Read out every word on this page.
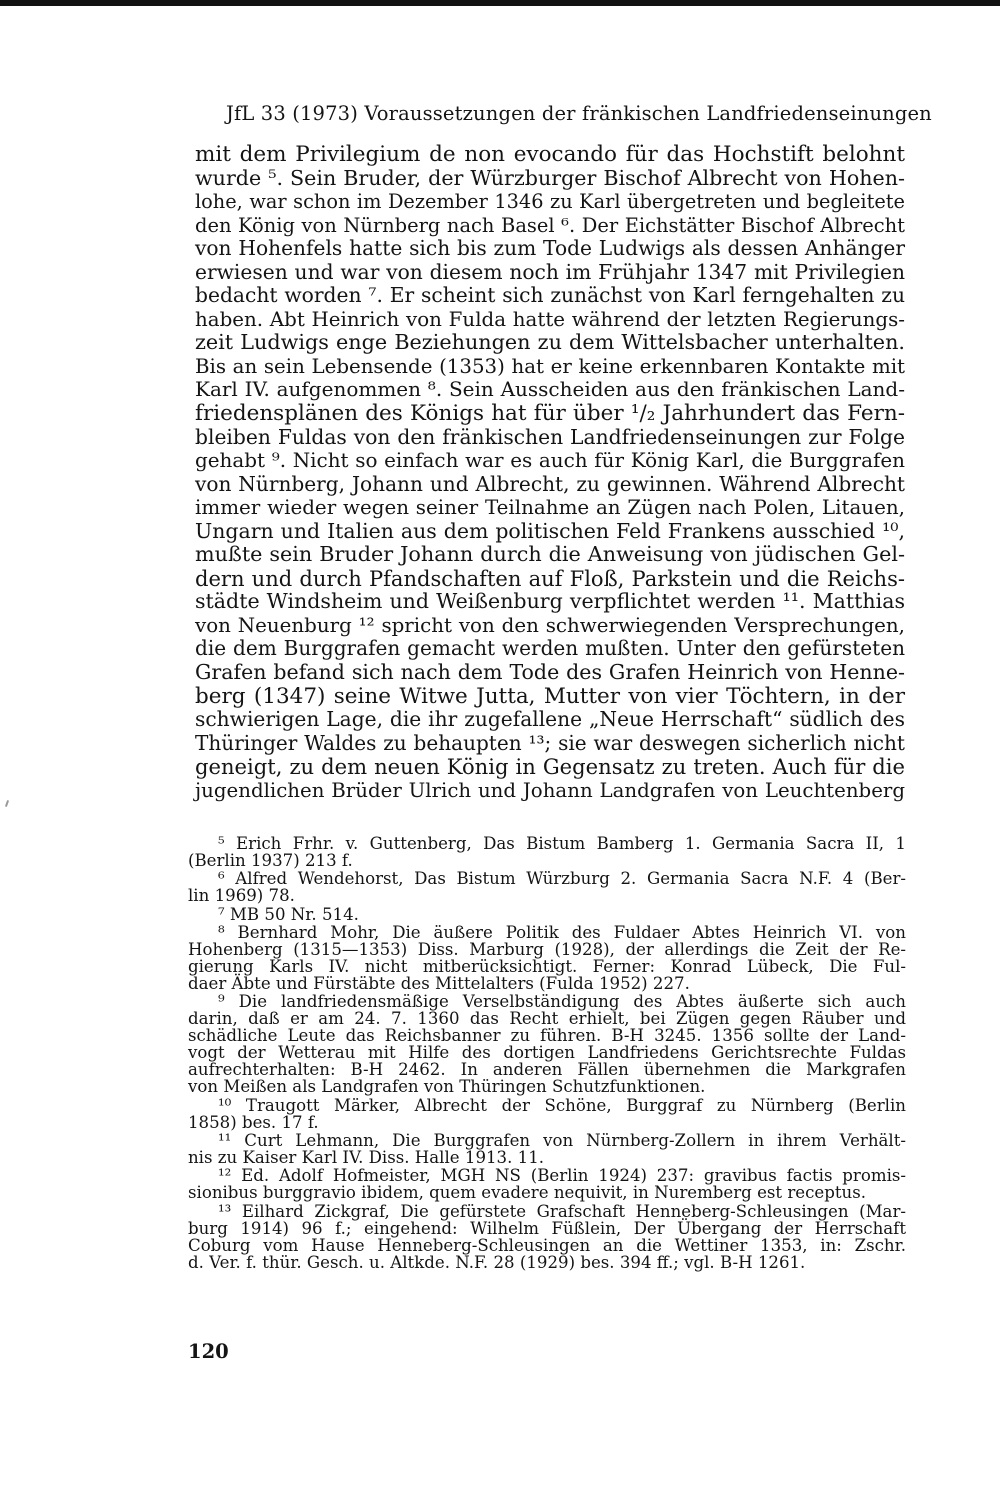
JfL 33 (1973) Voraussetzungen der fränkischen Landfriedenseinungen
mit dem Privilegium de non evocando für das Hochstift belohnt
wurde ⁵. Sein Bruder, der Würzburger Bischof Albrecht von Hohen-
lohe, war schon im Dezember 1346 zu Karl übergetreten und begleitete
den König von Nürnberg nach Basel ⁶. Der Eichstätter Bischof Albrecht
von Hohenfels hatte sich bis zum Tode Ludwigs als dessen Anhänger
erwiesen und war von diesem noch im Frühjahr 1347 mit Privilegien
bedacht worden ⁷. Er scheint sich zunächst von Karl ferngehalten zu
haben. Abt Heinrich von Fulda hatte während der letzten Regierungs-
zeit Ludwigs enge Beziehungen zu dem Wittelsbacher unterhalten.
Bis an sein Lebensende (1353) hat er keine erkennbaren Kontakte mit
Karl IV. aufgenommen ⁸. Sein Ausscheiden aus den fränkischen Land-
friedensplänen des Königs hat für über ¹/₂ Jahrhundert das Fern-
bleiben Fuldas von den fränkischen Landfriedenseinungen zur Folge
gehabt ⁹. Nicht so einfach war es auch für König Karl, die Burggrafen
von Nürnberg, Johann und Albrecht, zu gewinnen. Während Albrecht
immer wieder wegen seiner Teilnahme an Zügen nach Polen, Litauen,
Ungarn und Italien aus dem politischen Feld Frankens ausschied ¹⁰,
mußte sein Bruder Johann durch die Anweisung von jüdischen Gel-
dern und durch Pfandschaften auf Floß, Parkstein und die Reichs-
städte Windsheim und Weißenburg verpflichtet werden ¹¹. Matthias
von Neuenburg ¹² spricht von den schwerwiegenden Versprechungen,
die dem Burggrafen gemacht werden mußten. Unter den gefürsteten
Grafen befand sich nach dem Tode des Grafen Heinrich von Henne-
berg (1347) seine Witwe Jutta, Mutter von vier Töchtern, in der
schwierigen Lage, die ihr zugefallene „Neue Herrschaft“ südlich des
Thüringer Waldes zu behaupten ¹³; sie war deswegen sicherlich nicht
geneigt, zu dem neuen König in Gegensatz zu treten. Auch für die
jugendlichen Brüder Ulrich und Johann Landgrafen von Leuchtenberg
⁵ Erich Frhr. v. Guttenberg, Das Bistum Bamberg 1. Germania Sacra II, 1
(Berlin 1937) 213 f.
⁶ Alfred Wendehorst, Das Bistum Würzburg 2. Germania Sacra N.F. 4 (Ber-
lin 1969) 78.
⁷ MB 50 Nr. 514.
⁸ Bernhard Mohr, Die äußere Politik des Fuldaer Abtes Heinrich VI. von
Hohenberg (1315—1353) Diss. Marburg (1928), der allerdings die Zeit der Re-
gierung Karls IV. nicht mitberücksichtigt. Ferner: Konrad Lübeck, Die Ful-
daer Äbte und Fürstäbte des Mittelalters (Fulda 1952) 227.
⁹ Die landfriedensmäßige Verselbständigung des Abtes äußerte sich auch
darin, daß er am 24. 7. 1360 das Recht erhielt, bei Zügen gegen Räuber und
schädliche Leute das Reichsbanner zu führen. B-H 3245. 1356 sollte der Land-
vogt der Wetterau mit Hilfe des dortigen Landfriedens Gerichtsrechte Fuldas
aufrechterhalten: B-H 2462. In anderen Fällen übernehmen die Markgrafen
von Meißen als Landgrafen von Thüringen Schutzfunktionen.
¹⁰ Traugott Märker, Albrecht der Schöne, Burggraf zu Nürnberg (Berlin
1858) bes. 17 f.
¹¹ Curt Lehmann, Die Burggrafen von Nürnberg-Zollern in ihrem Verhält-
nis zu Kaiser Karl IV. Diss. Halle 1913. 11.
¹² Ed. Adolf Hofmeister, MGH NS (Berlin 1924) 237: gravibus factis promis-
sionibus burggravio ibidem, quem evadere nequivit, in Nuremberg est receptus.
¹³ Eilhard Zickgraf, Die gefürstete Grafschaft Henneberg-Schleusingen (Mar-
burg 1914) 96 f.; eingehend: Wilhelm Füßlein, Der Übergang der Herrschaft
Coburg vom Hause Henneberg-Schleusingen an die Wettiner 1353, in: Zschr.
d. Ver. f. thür. Gesch. u. Altkde. N.F. 28 (1929) bes. 394 ff.; vgl. B-H 1261.
120
